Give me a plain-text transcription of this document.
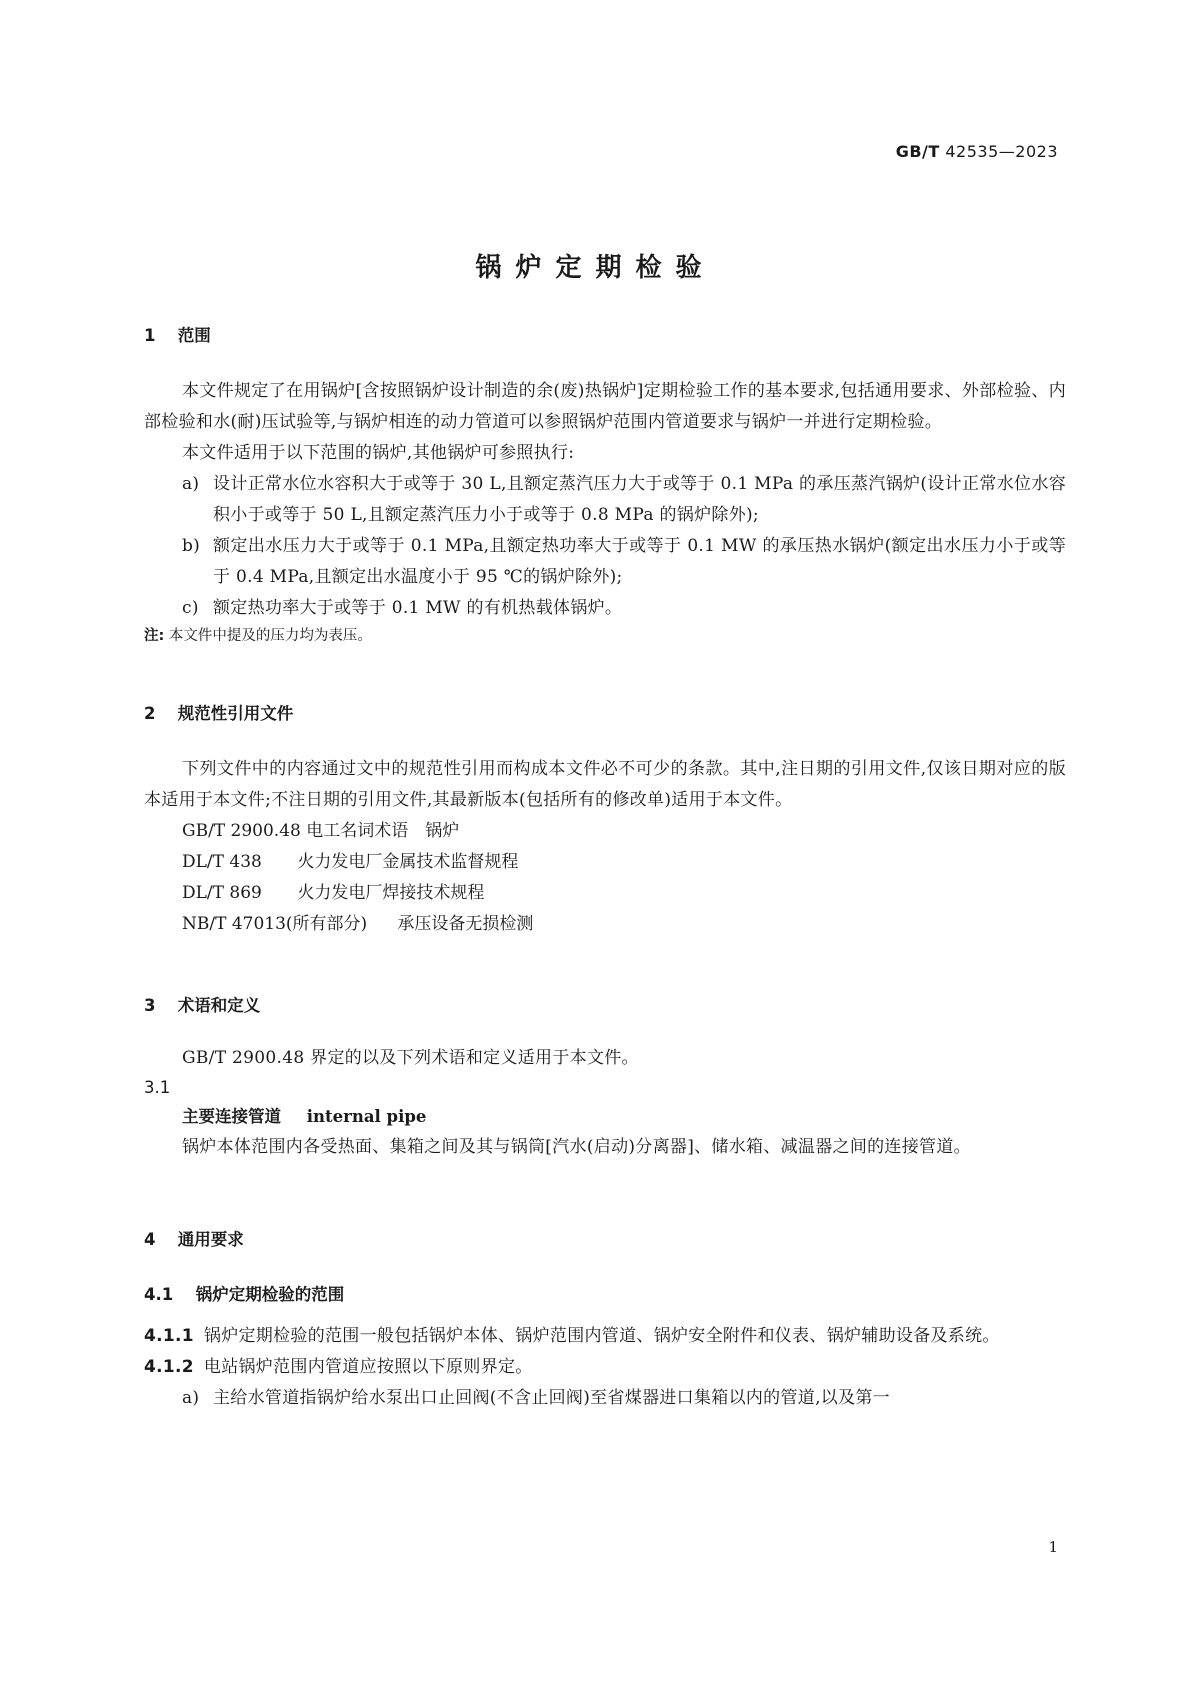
GB/T 42535—2023
锅炉定期检验
1 范围
本文件规定了在用锅炉[含按照锅炉设计制造的余(废)热锅炉]定期检验工作的基本要求,包括通用要求、外部检验、内部检验和水(耐)压试验等,与锅炉相连的动力管道可以参照锅炉范围内管道要求与锅炉一并进行定期检验。
本文件适用于以下范围的锅炉,其他锅炉可参照执行:
a) 设计正常水位水容积大于或等于 30 L,且额定蒸汽压力大于或等于 0.1 MPa 的承压蒸汽锅炉(设计正常水位水容积小于或等于 50 L,且额定蒸汽压力小于或等于 0.8 MPa 的锅炉除外);
b) 额定出水压力大于或等于 0.1 MPa,且额定热功率大于或等于 0.1 MW 的承压热水锅炉(额定出水压力小于或等于 0.4 MPa,且额定出水温度小于 95 ℃的锅炉除外);
c) 额定热功率大于或等于 0.1 MW 的有机热载体锅炉。
注: 本文件中提及的压力均为表压。
2 规范性引用文件
下列文件中的内容通过文中的规范性引用而构成本文件必不可少的条款。其中,注日期的引用文件,仅该日期对应的版本适用于本文件;不注日期的引用文件,其最新版本(包括所有的修改单)适用于本文件。
GB/T 2900.48 电工名词术语　锅炉
DL/T 438 火力发电厂金属技术监督规程
DL/T 869 火力发电厂焊接技术规程
NB/T 47013(所有部分) 承压设备无损检测
3 术语和定义
GB/T 2900.48 界定的以及下列术语和定义适用于本文件。
3.1
主要连接管道 internal pipe
锅炉本体范围内各受热面、集箱之间及其与锅筒[汽水(启动)分离器]、储水箱、减温器之间的连接管道。
4 通用要求
4.1 锅炉定期检验的范围
4.1.1 锅炉定期检验的范围一般包括锅炉本体、锅炉范围内管道、锅炉安全附件和仪表、锅炉辅助设备及系统。
4.1.2 电站锅炉范围内管道应按照以下原则界定。
a) 主给水管道指锅炉给水泵出口止回阀(不含止回阀)至省煤器进口集箱以内的管道,以及第一
1
